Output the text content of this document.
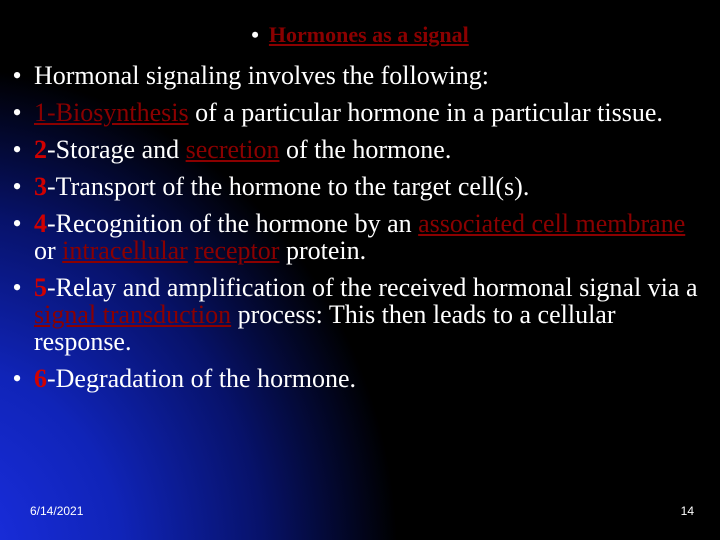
• Hormones as a signal
• Hormonal signaling involves the following:
• 1-Biosynthesis of a particular hormone in a particular tissue.
• 2-Storage and secretion of the hormone.
• 3-Transport of the hormone to the target cell(s).
• 4-Recognition of the hormone by an associated cell membrane or intracellular receptor protein.
• 5-Relay and amplification of the received hormonal signal via a signal transduction process: This then leads to a cellular response.
• 6-Degradation of the hormone.
6/14/2021	14
